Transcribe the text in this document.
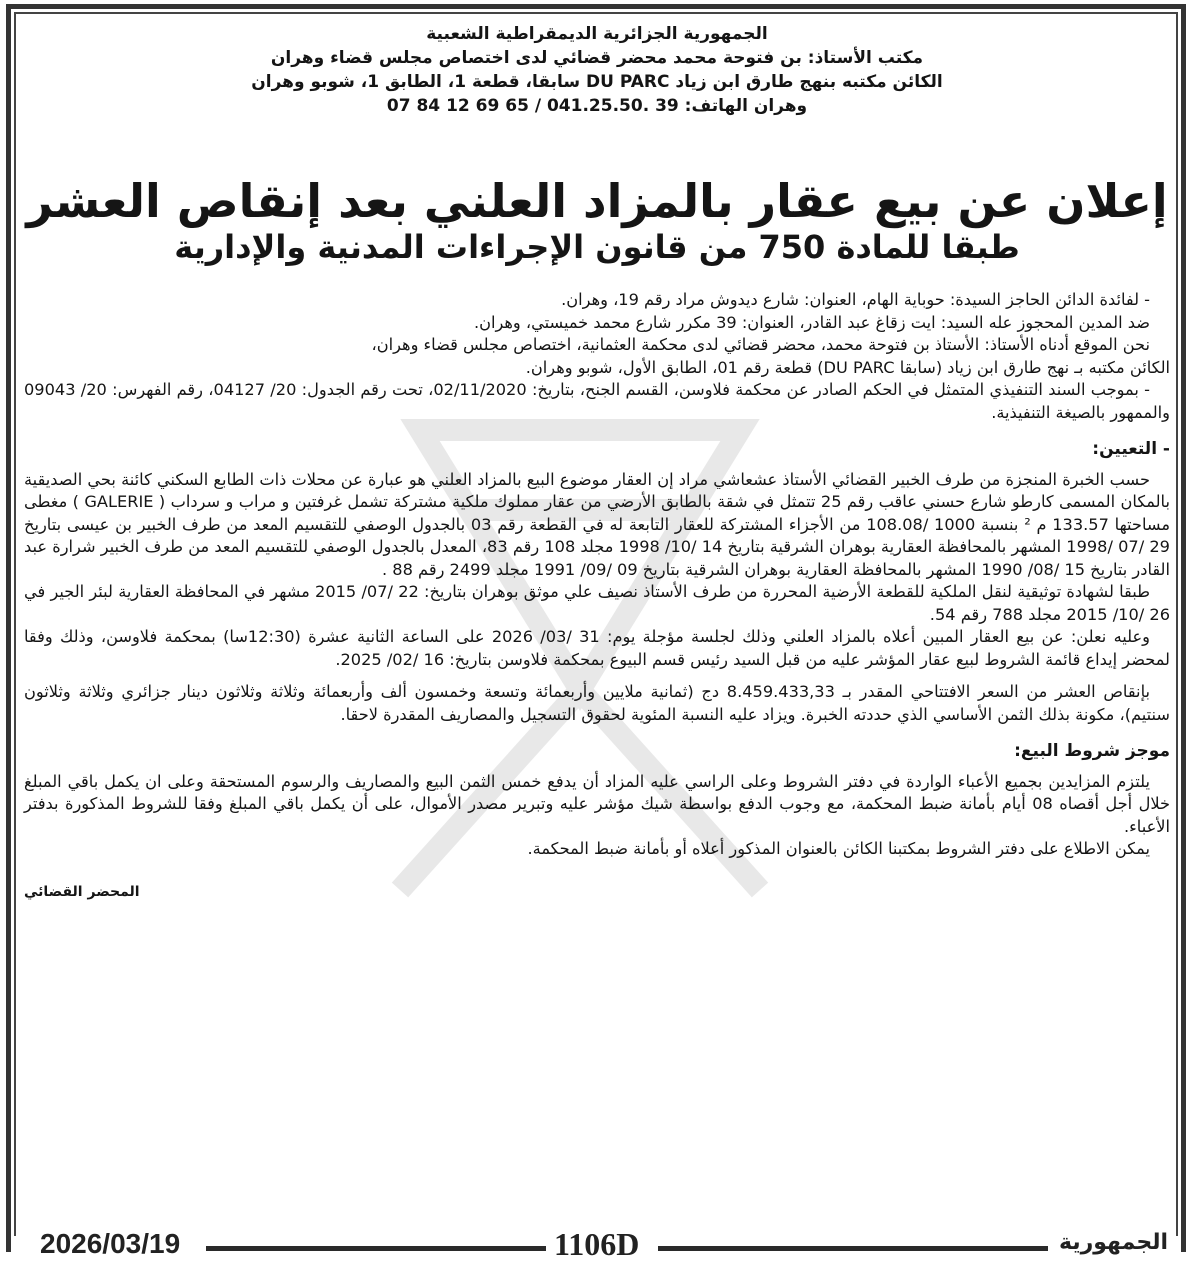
الجمهورية الجزائرية الديمقراطية الشعبية
مكتب الأستاذ: بن فتوحة محمد محضر قضائي لدى اختصاص مجلس قضاء وهران
الكائن مكتبه بنهج طارق ابن زياد DU PARC سابقا، قطعة 1، الطابق 1، شوبو وهران
وهران الهاتف: 39 .041.25.50 / 65 69 12 84 07
إعلان عن بيع عقار بالمزاد العلني بعد إنقاص العشر
طبقا للمادة 750 من قانون الإجراءات المدنية والإدارية

- لفائدة الدائن الحاجز السيدة: حوباية الهام، العنوان: شارع ديدوش مراد رقم 19، وهران.

ضد المدين المحجوز عله السيد: ايت زقاغ عبد القادر، العنوان: 39 مكرر شارع محمد خميستي، وهران.

نحن الموقع أدناه الأستاذ: الأستاذ بن فتوحة محمد، محضر قضائي لدى محكمة العثمانية، اختصاص مجلس قضاء وهران،

الكائن مكتبه بـ نهج طارق ابن زياد (سابقا DU PARC) قطعة رقم 01، الطابق الأول، شوبو وهران.

- بموجب السند التنفيذي المتمثل في الحكم الصادر عن محكمة فلاوسن، القسم الجنح، بتاريخ: 02/11/2020، تحت رقم الجدول: 20/ 04127، رقم الفهرس: 20/ 09043 والممهور بالصيغة التنفيذية.

- التعيين:

حسب الخبرة المنجزة من طرف الخبير القضائي الأستاذ عشعاشي مراد إن العقار موضوع البيع بالمزاد العلني هو عبارة عن محلات ذات الطابع السكني كائنة بحي الصديقية بالمكان المسمى كارطو شارع حسني عاقب رقم 25 تتمثل في شقة بالطابق الأرضي من عقار مملوك ملكية مشتركة تشمل غرفتين و مراب و سرداب ( GALERIE ) مغطى مساحتها 133.57 م ² بنسبة 1000 /108.08 من الأجزاء المشتركة للعقار التابعة له في القطعة رقم 03 بالجدول الوصفي للتقسيم المعد من طرف الخبير بن عيسى بتاريخ 29 /07 /1998 المشهر بالمحافظة العقارية بوهران الشرقية بتاريخ 14 /10/ 1998 مجلد 108 رقم 83، المعدل بالجدول الوصفي للتقسيم المعد من طرف الخبير شرارة عبد القادر بتاريخ 15 /08/ 1990 المشهر بالمحافظة العقارية بوهران الشرقية بتاريخ 09 /09/ 1991 مجلد 2499 رقم 88 .

طبقا لشهادة توثيقية لنقل الملكية للقطعة الأرضية المحررة من طرف الأستاذ نصيف علي موثق بوهران بتاريخ: 22 /07/ 2015 مشهر في المحافظة العقارية لبئر الجير في 26 /10/ 2015 مجلد 788 رقم 54.

وعليه نعلن: عن بيع العقار المبين أعلاه بالمزاد العلني وذلك لجلسة مؤجلة يوم: 31 /03/ 2026 على الساعة الثانية عشرة (12:30سا) بمحكمة فلاوسن، وذلك وفقا لمحضر إيداع قائمة الشروط لبيع عقار المؤشر عليه من قبل السيد رئيس قسم البيوع بمحكمة فلاوسن بتاريخ: 16 /02/ 2025.

بإنقاص العشر من السعر الافتتاحي المقدر بـ 8.459.433,33 دج (ثمانية ملايين وأربعمائة وتسعة وخمسون ألف وأربعمائة وثلاثة وثلاثون دينار جزائري وثلاثة وثلاثون سنتيم)، مكونة بذلك الثمن الأساسي الذي حددته الخبرة. ويزاد عليه النسبة المئوية لحقوق التسجيل والمصاريف المقدرة لاحقا.

موجز شروط البيع:

يلتزم المزايدين بجميع الأعباء الواردة في دفتر الشروط وعلى الراسي عليه المزاد أن يدفع خمس الثمن البيع والمصاريف والرسوم المستحقة وعلى ان يكمل باقي المبلغ خلال أجل أقصاه 08 أيام بأمانة ضبط المحكمة، مع وجوب الدفع بواسطة شيك مؤشر عليه وتبرير مصدر الأموال، على أن يكمل باقي المبلغ وفقا للشروط المذكورة بدفتر الأعباء.

يمكن الاطلاع على دفتر الشروط بمكتبنا الكائن بالعنوان المذكور أعلاه أو بأمانة ضبط المحكمة.

المحضر القضائي
2026/03/19	1106D	الجمهورية
